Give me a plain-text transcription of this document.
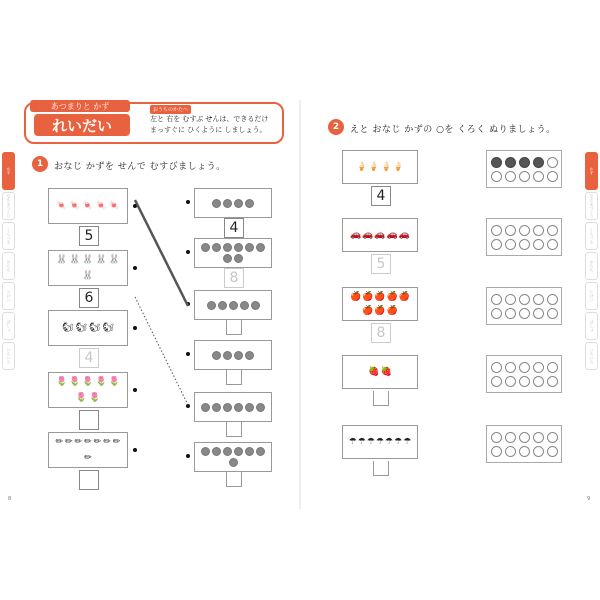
かず
なかまづくり
くらべる
かたち
とけい
ばしょ
いろいろ
かず
なかまづくり
くらべる
かたち
とけい
ばしょ
いろいろ
あつまりと かず
れいだい
おうちのかたへ
左と 右を むすぶ せんは、できるだけ まっすぐに ひくように しましょう。
1	おなじ かずを せんで むすびましょう。
🍬 🍬 🍬 🍬 🍬
5
🐰 🐰 🐰 🐰 🐰
🐰
6
🐿 🐿 🐿 🐿
4
🌷 🌷 🌷 🌷 🌷
🌷 🌷
✏ ✏ ✏ ✏ ✏ ✏ ✏
✏
4
8
2	えと おなじ かずの ○を くろく ぬりましょう。
🍦 🍦 🍦 🍦
4
🚗 🚗 🚗 🚗 🚗
5
🍎 🍎 🍎 🍎 🍎
🍎 🍎 🍎
8
🍓 🍓
☂ ☂ ☂ ☂ ☂ ☂ ☂
8	9
